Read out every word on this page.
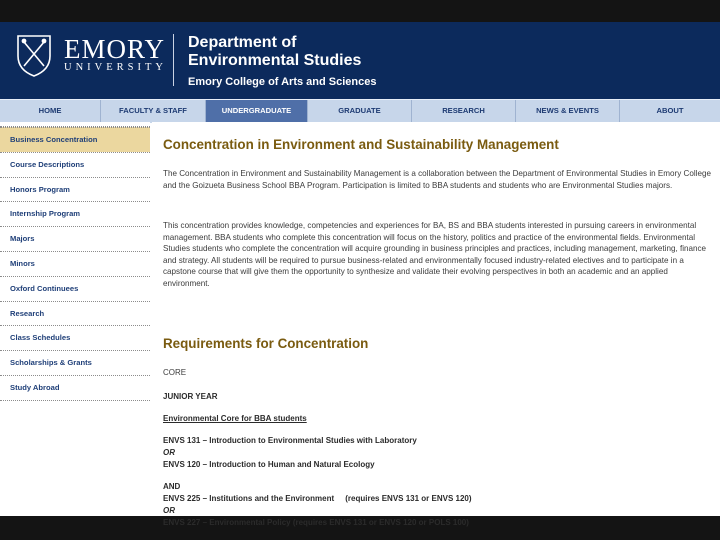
EMORY
UNIVERSITY
Department of
Environmental Studies
Emory College of Arts and Sciences
HOME	FACULTY & STAFF	UNDERGRADUATE	GRADUATE	RESEARCH	NEWS & EVENTS	ABOUT
Business Concentration
Course Descriptions
Honors Program
Internship Program
Majors
Minors
Oxford Continuees
Research
Class Schedules
Scholarships & Grants
Study Abroad
Concentration in Environment and Sustainability Management
The Concentration in Environment and Sustainability Management is a collaboration between the Department of Environmental Studies in Emory College and the Goizueta Business School BBA Program. Participation is limited to BBA students and students who are Environmental Studies majors.
This concentration provides knowledge, competencies and experiences for BA, BS and BBA students interested in pursuing careers in environmental management. BBA students who complete this concentration will focus on the history, politics and practice of the environmental fields. Environmental Studies students who complete the concentration will acquire grounding in business principles and practices, including management, marketing, finance and strategy. All students will be required to pursue business-related and environmentally focused industry-related electives and to participate in a capstone course that will give them the opportunity to synthesize and validate their evolving perspectives in both an academic and an applied environment.
Requirements for Concentration
CORE
JUNIOR YEAR
Environmental Core for BBA students
ENVS 131 – Introduction to Environmental Studies with Laboratory
OR
ENVS 120 – Introduction to Human and Natural Ecology
AND
ENVS 225 – Institutions and the Environment     (requires ENVS 131 or ENVS 120)
OR
ENVS 227 – Environmental Policy (requires ENVS 131 or ENVS 120 or POLS 100)
